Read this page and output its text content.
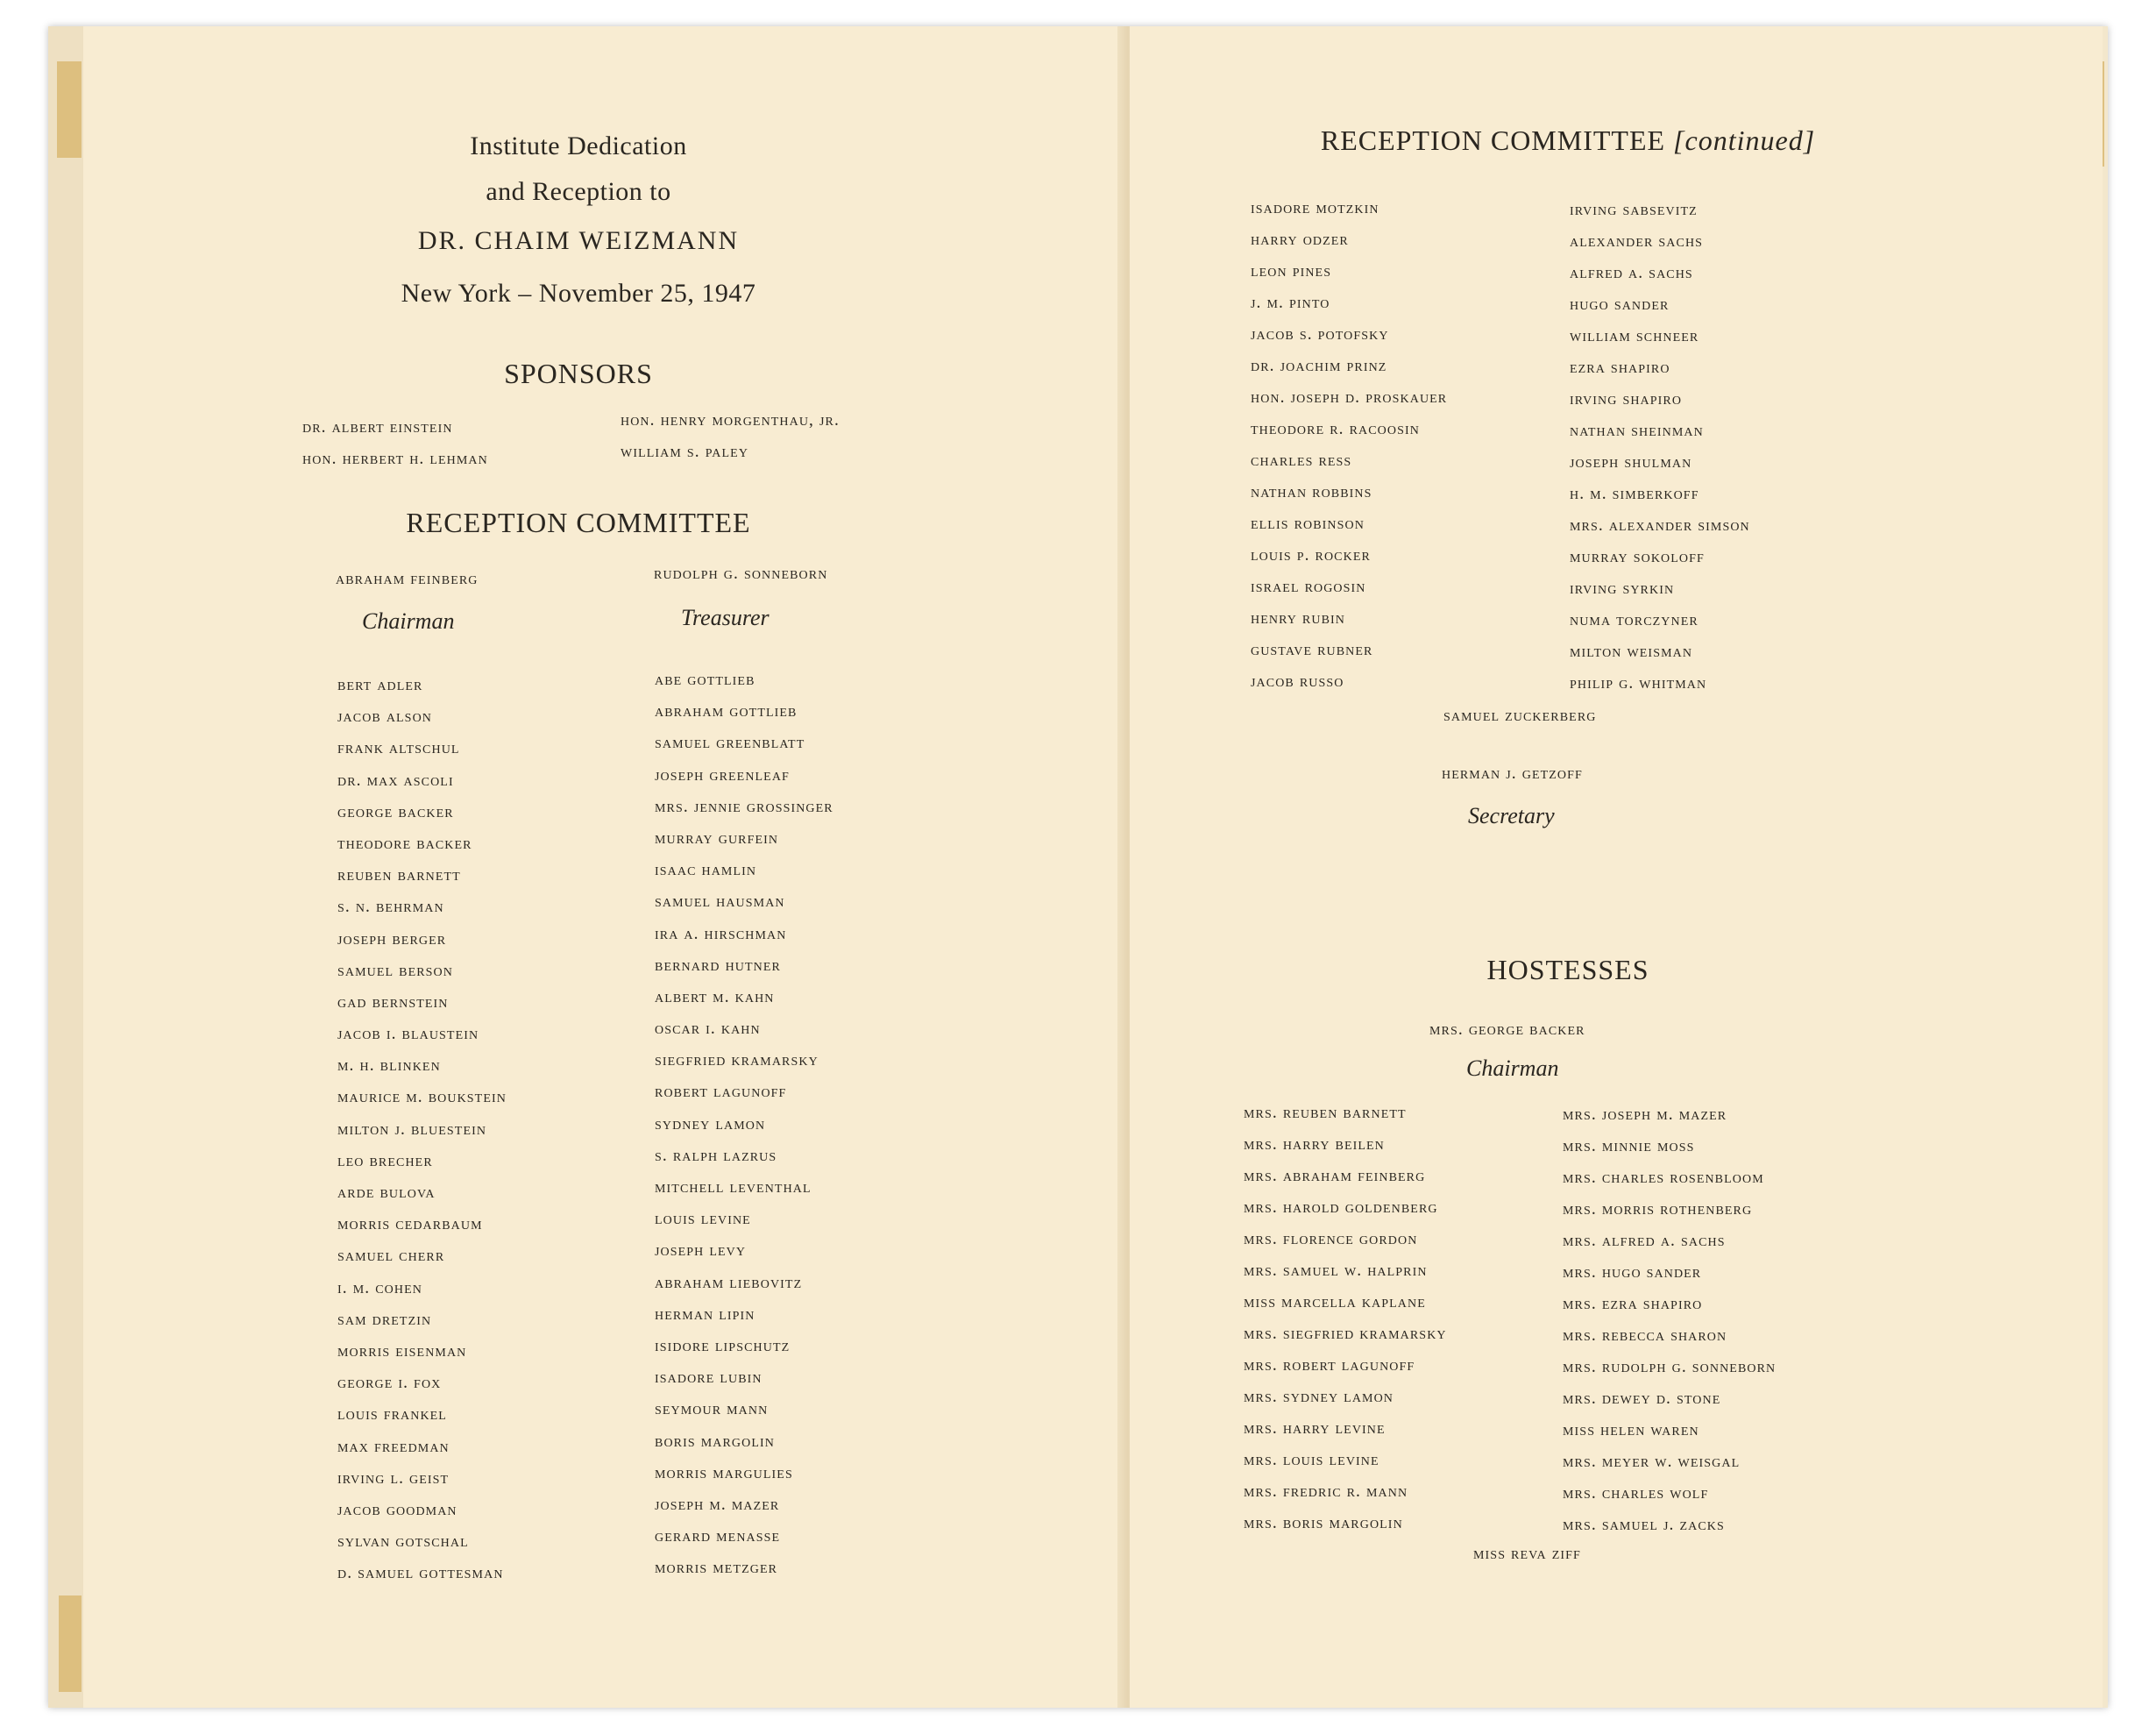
Institute Dedication
and Reception to
DR. CHAIM WEIZMANN
New York – November 25, 1947
SPONSORS
dr. albert einstein
hon. herbert h. lehman
hon. henry morgenthau, jr.
william s. paley
RECEPTION COMMITTEE
abraham feinberg
Chairman
rudolph g. sonneborn
Treasurer
bert adler
jacob alson
frank altschul
dr. max ascoli
george backer
theodore backer
reuben barnett
s. n. behrman
joseph berger
samuel berson
gad bernstein
jacob i. blaustein
m. h. blinken
maurice m. boukstein
milton j. bluestein
leo brecher
arde bulova
morris cedarbaum
samuel cherr
i. m. cohen
sam dretzin
morris eisenman
george i. fox
louis frankel
max freedman
irving l. geist
jacob goodman
sylvan gotschal
d. samuel gottesman
abe gottlieb
abraham gottlieb
samuel greenblatt
joseph greenleaf
mrs. jennie grossinger
murray gurfein
isaac hamlin
samuel hausman
ira a. hirschman
bernard hutner
albert m. kahn
oscar i. kahn
siegfried kramarsky
robert lagunoff
sydney lamon
s. ralph lazrus
mitchell leventhal
louis levine
joseph levy
abraham liebovitz
herman lipin
isidore lipschutz
isadore lubin
seymour mann
boris margolin
morris margulies
joseph m. mazer
gerard menasse
morris metzger
RECEPTION COMMITTEE [continued]
isadore motzkin
harry odzer
leon pines
j. m. pinto
jacob s. potofsky
dr. joachim prinz
hon. joseph d. proskauer
theodore r. racoosin
charles ress
nathan robbins
ellis robinson
louis p. rocker
israel rogosin
henry rubin
gustave rubner
jacob russo
irving sabsevitz
alexander sachs
alfred a. sachs
hugo sander
william schneer
ezra shapiro
irving shapiro
nathan sheinman
joseph shulman
h. m. simberkoff
mrs. alexander simson
murray sokoloff
irving syrkin
numa torczyner
milton weisman
philip g. whitman
samuel zuckerberg
herman j. getzoff
Secretary
HOSTESSES
mrs. george backer
Chairman
mrs. reuben barnett
mrs. harry beilen
mrs. abraham feinberg
mrs. harold goldenberg
mrs. florence gordon
mrs. samuel w. halprin
miss marcella kaplane
mrs. siegfried kramarsky
mrs. robert lagunoff
mrs. sydney lamon
mrs. harry levine
mrs. louis levine
mrs. fredric r. mann
mrs. boris margolin
mrs. joseph m. mazer
mrs. minnie moss
mrs. charles rosenbloom
mrs. morris rothenberg
mrs. alfred a. sachs
mrs. hugo sander
mrs. ezra shapiro
mrs. rebecca sharon
mrs. rudolph g. sonneborn
mrs. dewey d. stone
miss helen waren
mrs. meyer w. weisgal
mrs. charles wolf
mrs. samuel j. zacks
miss reva ziff
